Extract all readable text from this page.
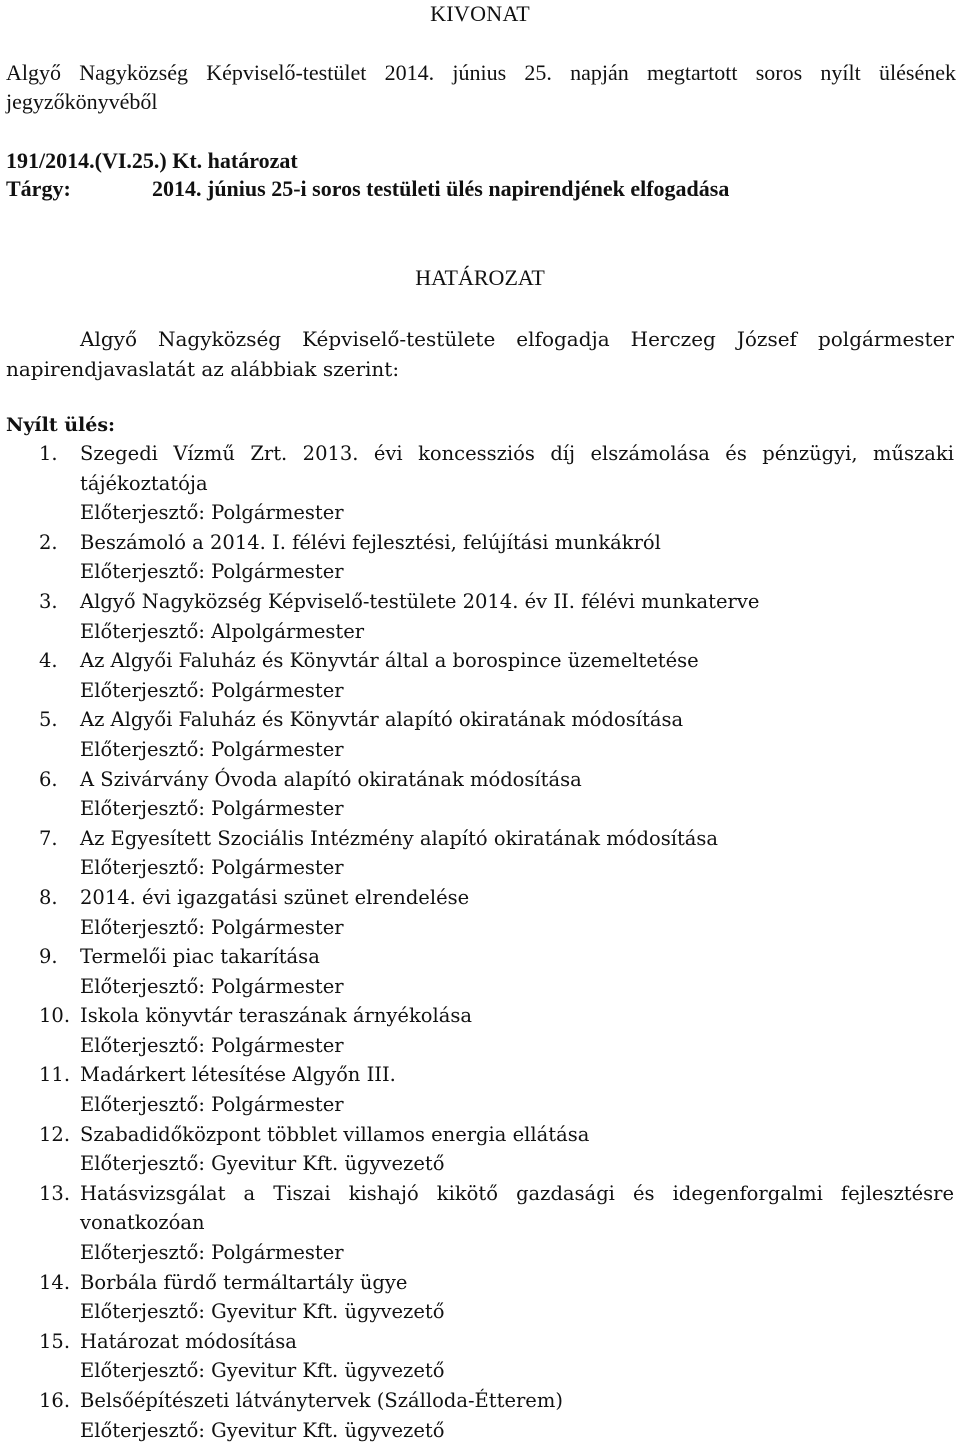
KIVONAT
Algyő Nagyközség Képviselő-testület 2014. június 25. napján megtartott soros nyílt ülésének jegyzőkönyvéből
191/2014.(VI.25.) Kt. határozat
Tárgy:	2014. június 25-i soros testületi ülés napirendjének elfogadása
HATÁROZAT
Algyő Nagyközség Képviselő-testülete elfogadja Herczeg József polgármester napirendjavaslatát az alábbiak szerint:
Nyílt ülés:
1. Szegedi Vízmű Zrt. 2013. évi koncessziós díj elszámolása és pénzügyi, műszaki tájékoztatója
Előterjesztő: Polgármester
2. Beszámoló a 2014. I. félévi fejlesztési, felújítási munkákról
Előterjesztő: Polgármester
3. Algyő Nagyközség Képviselő-testülete 2014. év II. félévi munkaterve
Előterjesztő: Alpolgármester
4. Az Algyői Faluház és Könyvtár által a borospince üzemeltetése
Előterjesztő: Polgármester
5. Az Algyői Faluház és Könyvtár alapító okiratának módosítása
Előterjesztő: Polgármester
6. A Szivárvány Óvoda alapító okiratának módosítása
Előterjesztő: Polgármester
7. Az Egyesített Szociális Intézmény alapító okiratának módosítása
Előterjesztő: Polgármester
8. 2014. évi igazgatási szünet elrendelése
Előterjesztő: Polgármester
9. Termelői piac takarítása
Előterjesztő: Polgármester
10. Iskola könyvtár teraszának árnyékolása
Előterjesztő: Polgármester
11. Madárkert létesítése Algyőn III.
Előterjesztő: Polgármester
12. Szabadidőközpont többlet villamos energia ellátása
Előterjesztő: Gyevitur Kft. ügyvezető
13. Hatásvizsgálat a Tiszai kishajó kikötő gazdasági és idegenforgalmi fejlesztésre vonatkozóan
Előterjesztő: Polgármester
14. Borbála fürdő termáltartály ügye
Előterjesztő: Gyevitur Kft. ügyvezető
15. Határozat módosítása
Előterjesztő: Gyevitur Kft. ügyvezető
16. Belsőépítészeti látványtervek (Szálloda-Étterem)
Előterjesztő: Gyevitur Kft. ügyvezető
